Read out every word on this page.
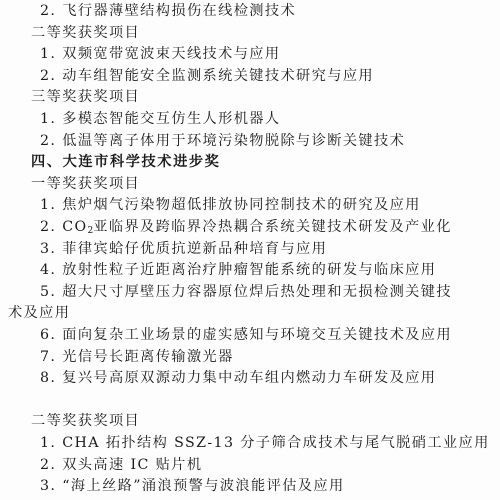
2. 飞行器薄壁结构损伤在线检测技术
二等奖获奖项目
1. 双频宽带宽波束天线技术与应用
2. 动车组智能安全监测系统关键技术研究与应用
三等奖获奖项目
1. 多模态智能交互仿生人形机器人
2. 低温等离子体用于环境污染物脱除与诊断关键技术
四、大连市科学技术进步奖
一等奖获奖项目
1. 焦炉烟气污染物超低排放协同控制技术的研究及应用
2. $CO_2$亚临界及跨临界冷热耦合系统关键技术研发及产业化
3. 菲律宾蛤仔优质抗逆新品种培育与应用
4. 放射性粒子近距离治疗肿瘤智能系统的研发与临床应用
5. 超大尺寸厚壁压力容器原位焊后热处理和无损检测关键技
术及应用
6. 面向复杂工业场景的虚实感知与环境交互关键技术及应用
7. 光信号长距离传输激光器
8. 复兴号高原双源动力集中动车组内燃动力车研发及应用
二等奖获奖项目
1. CHA 拓扑结构 SSZ-13 分子筛合成技术与尾气脱硝工业应用
2. 双头高速 IC 贴片机
3. “海上丝路”涌浪预警与波浪能评估及应用
